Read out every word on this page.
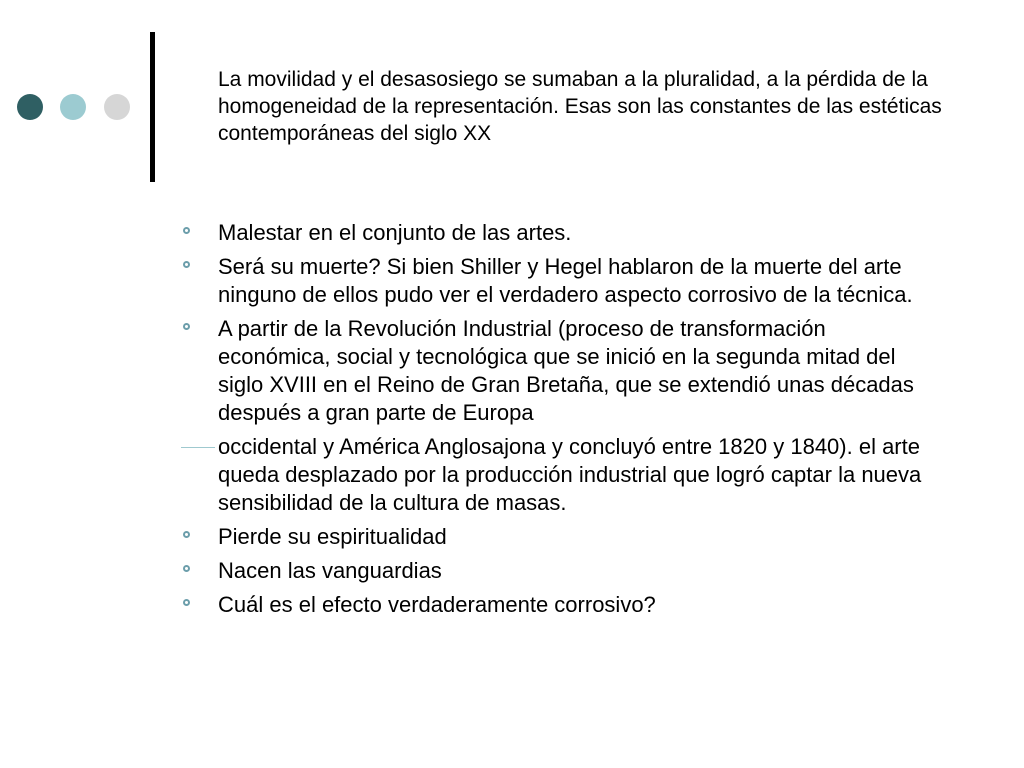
La movilidad y el desasosiego se sumaban a la pluralidad, a la pérdida de la homogeneidad de la representación. Esas son las constantes de las estéticas contemporáneas del siglo XX

Malestar en el conjunto de las artes.
Será su muerte? Si bien Shiller y Hegel hablaron de la muerte del arte ninguno de ellos pudo ver el verdadero aspecto corrosivo de la técnica.
A partir de la Revolución Industrial (proceso de transformación económica, social y tecnológica que se inició en la segunda mitad del siglo XVIII en el Reino de Gran Bretaña, que se extendió unas décadas después a gran parte de Europa
occidental y América Anglosajona y concluyó entre 1820 y 1840). el arte queda desplazado por la producción industrial que logró captar la nueva sensibilidad de la cultura de masas.
Pierde su espiritualidad
Nacen las vanguardias
Cuál es el efecto verdaderamente corrosivo?
